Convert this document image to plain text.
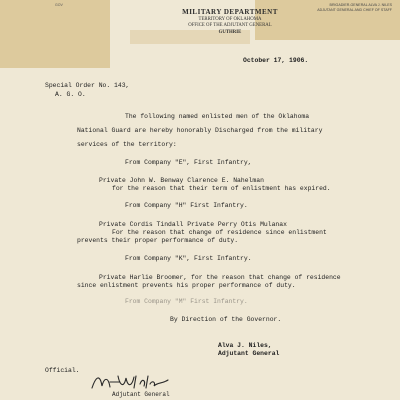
GOV
MILITARY DEPARTMENT
TERRITORY OF OKLAHOMA
OFFICE OF THE ADJUTANT GENERAL
GUTHRIE
BRIGADIER-GENERAL ALVA J. NILES
ADJUTANT GENERAL AND CHIEF OF STAFF
October 17, 1906.
Special Order No. 143,
A. G. O.
The following named enlisted men of the Oklahoma
National Guard are hereby honorably Discharged from the military
services of the territory:
From Company "E", First Infantry,
Private John W. Benway Clarence E. Nahelman
for the reason that their term of enlistment has expired.
From Company "H" First Infantry.
Private Cordis Tindall Private Perry Otis Mulanax
For the reason that change of residence since enlistment
prevents their proper performance of duty.
From Company "K", First Infantry.
Private Harlie Broomer, for the reason that change of residence
since enlistment prevents his proper performance of duty.
From Company "M" First Infantry.
By Direction of the Governor.
Alva J. Niles,
Adjutant General
Official.
Adjutant General
